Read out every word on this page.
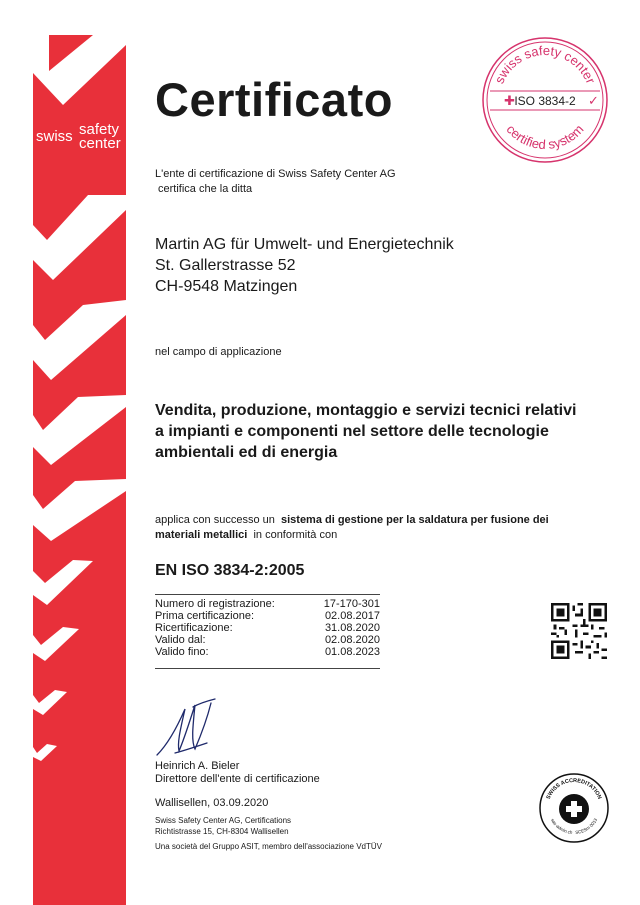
swiss safety
center
swiss safety center
✚ ISO 3834-2 ✓
certified system
Certificato
L'ente di certificazione di Swiss Safety Center AG
certifica che la ditta
Martin AG für Umwelt- und Energietechnik
St. Gallerstrasse 52
CH-9548 Matzingen
nel campo di applicazione
Vendita, produzione, montaggio e servizi tecnici relativi
a impianti e componenti nel settore delle tecnologie
ambientali ed di energia
applica con successo un sistema di gestione per la saldatura per fusione dei
materiali metallici in conformità con
EN ISO 3834-2:2005
Numero di registrazione:	17-170-301
Prima certificazione:	02.08.2017
Ricertificazione:	31.08.2020
Valido dal:	02.08.2020
Valido fino:	01.08.2023
Heinrich A. Bieler
Direttore dell'ente di certificazione
Wallisellen, 03.09.2020
Swiss Safety Center AG, Certifications
Richtistrasse 15, CH-8304 Wallisellen
Una società del Gruppo ASIT, membro dell'associazione VdTÜV
SWISS ACCREDITATION
sas-admin.ch SCESm 0013
